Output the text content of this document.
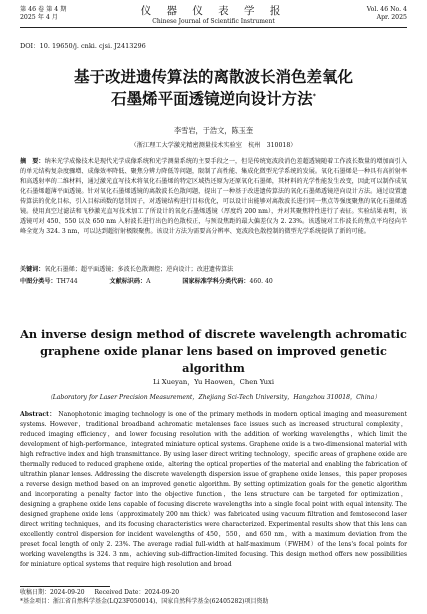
第 46 卷 第 4 期
2025 年 4 月
仪 器 仪 表 学 报
Chinese Journal of Scientific Instrument
Vol. 46 No. 4
Apr. 2025
DOI：10. 19650/j. cnki. cjsi. J2413296
基于改进遗传算法的离散波长消色差氧化
石墨烯平面透镜逆向设计方法*
李雪岩，于浩文，陈玉奎
（浙江理工大学激光精密测量技术实验室　杭州　310018）
摘　要：纳米光学成像技术是现代光学成像系统和光学测量系统的主要手段之一，但是传统宽波段消色差超透镜随着工作波长数量的增加面引入的单元结构复杂度骤增、成像效率降低、聚焦分辨力降低等问题，限制了高性能、集成化微型光学系统的发展。氧化石墨烯是一种具有高折射率和高透射率的二维材料，通过激光直写技术将氧化石墨烯的特定区域热还原为还原氧化石墨烯，其材料的光学性能发生改变，因此可以制作成氧化石墨烯超薄平面透镜。针对氧化石墨烯透镜的离散波长色散问题，提出了一种基于改进遗传算法的氧化石墨烯透镜逆向设计方法。通过设置遗传算法的优化目标，引入目标函数的惩罚因子，对透镜结构进行目标优化，可以设计出能够对离散波长进行同一焦点等强度聚焦的氧化石墨烯透镜。使用真空过滤法和飞秒激光直写技术加工了所设计的氧化石墨烯透镜（厚度约 200 nm），并对其聚焦特性进行了表征。实验结果表明，该透镜可对 450、550 以及 650 nm 入射波长进行出色的色散校正，与预设焦距的最大偏差仅为 2. 23%。该透镜对工作波长的焦点平均径向半峰全宽为 324. 3 nm，可以达到超衍射极限聚焦。该设计方法为需要高分辨率、宽波段色散控制的微型光学系统提供了新的可能。
关键词：氧化石墨烯；超平面透镜；多波长色散调控；逆向设计；改进遗传算法
中图分类号：TH744	文献标识码：A	国家标准学科分类代码：460. 40
An inverse design method of discrete wavelength achromatic graphene oxide planar lens based on improved genetic algorithm
Li Xueyan，Yu Haowen，Chen Yuxi
（Laboratory for Laser Precision Measurement，Zhejiang Sci-Tech University，Hangzhou 310018，China）
Abstract： Nanophotonic imaging technology is one of the primary methods in modern optical imaging and measurement systems. However，traditional broadband achromatic metalenses face issues such as increased structural complexity，reduced imaging efficiency，and lower focusing resolution with the addition of working wavelengths，which limit the development of high-performance，integrated miniature optical systems. Graphene oxide is a two-dimensional material with high refractive index and high transmittance. By using laser direct writing technology，specific areas of graphene oxide are thermally reduced to reduced graphene oxide，altering the optical properties of the material and enabling the fabrication of ultrathin planar lenses. Addressing the discrete wavelength dispersion issue of graphene oxide lenses，this paper proposes a reverse design method based on an improved genetic algorithm. By setting optimization goals for the genetic algorithm and incorporating a penalty factor into the objective function，the lens structure can be targeted for optimization，designing a graphene oxide lens capable of focusing discrete wavelengths into a single focal point with equal intensity. The designed graphene oxide lens（approximately 200 nm thick）was fabricated using vacuum filtration and femtosecond laser direct writing techniques，and its focusing characteristics were characterized. Experimental results show that this lens can excellently control dispersion for incident wavelengths of 450，550，and 650 nm，with a maximum deviation from the preset focal length of only 2. 23%. The average radial full-width at half-maximum（FWHM）of the lens's focal points for working wavelengths is 324. 3 nm，achieving sub-diffraction-limited focusing. This design method offers new possibilities for miniature optical systems that require high resolution and broad
收稿日期：2024-09-20 Received Date：2024-09-20
*基金项目：浙江省自然科学基金(LQ23F050014)、国家自然科学基金(62405282)项目资助
